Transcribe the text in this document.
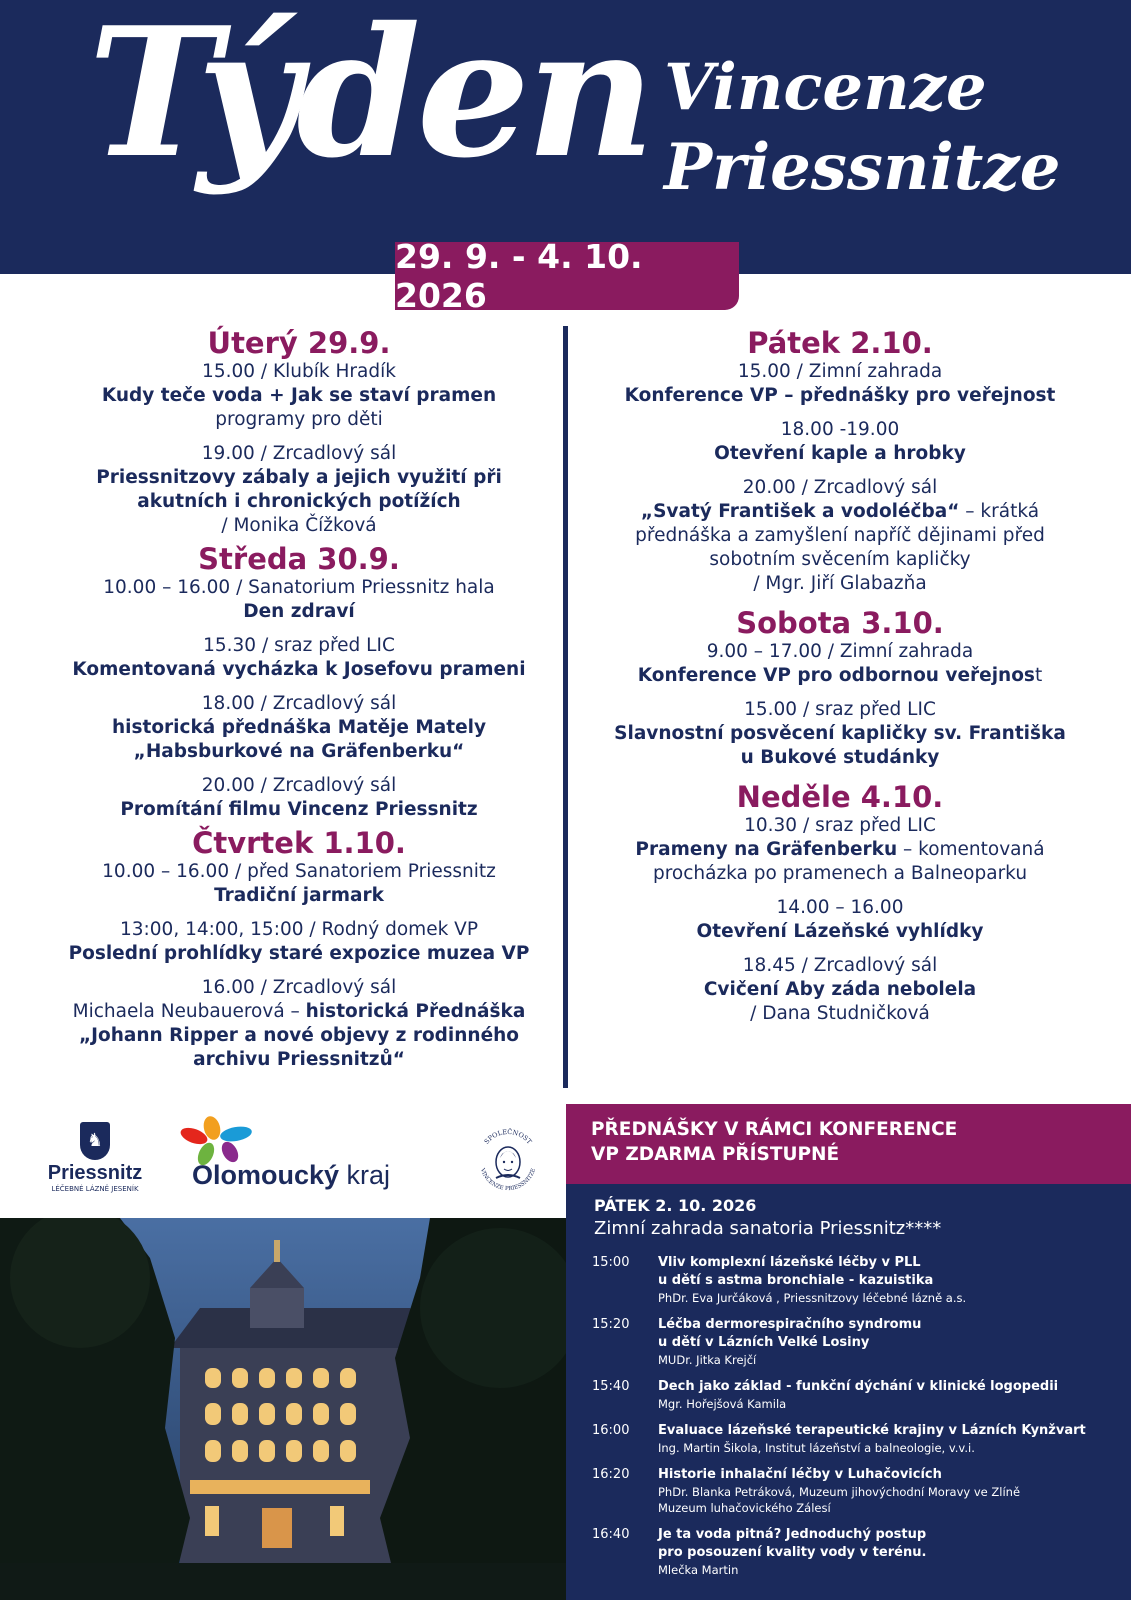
Týden Vincenze
Priessnitze
29. 9. - 4. 10. 2026
Úterý 29.9.
15.00 / Klubík Hradík
Kudy teče voda + Jak se staví pramen
programy pro děti
19.00 / Zrcadlový sál
Priessnitzovy zábaly a jejich využití při
akutních i chronických potížích
/ Monika Čížková
Středa 30.9.
10.00 – 16.00 / Sanatorium Priessnitz hala
Den zdraví
15.30 / sraz před LIC
Komentovaná vycházka k Josefovu prameni
18.00 / Zrcadlový sál
historická přednáška Matěje Mately
„Habsburkové na Gräfenberku“
20.00 / Zrcadlový sál
Promítání filmu Vincenz Priessnitz
Čtvrtek 1.10.
10.00 – 16.00 / před Sanatoriem Priessnitz
Tradiční jarmark
13:00, 14:00, 15:00 / Rodný domek VP
Poslední prohlídky staré expozice muzea VP
16.00 / Zrcadlový sál
Michaela Neubauerová – historická Přednáška
„Johann Ripper a nové objevy z rodinného
archivu Priessnitzů“
Pátek 2.10.
15.00 / Zimní zahrada
Konference VP – přednášky pro veřejnost
18.00 -19.00
Otevření kaple a hrobky
20.00 / Zrcadlový sál
„Svatý František a vodoléčba“ – krátká
přednáška a zamyšlení napříč dějinami před
sobotním svěcením kapličky
/ Mgr. Jiří Glabazňa
Sobota 3.10.
9.00 – 17.00 / Zimní zahrada
Konference VP pro odbornou veřejnost
15.00 / sraz před LIC
Slavnostní posvěcení kapličky sv. Františka
u Bukové studánky
Neděle 4.10.
10.30 / sraz před LIC
Prameny na Gräfenberku – komentovaná
procházka po pramenech a Balneoparku
14.00 – 16.00
Otevření Lázeňské vyhlídky
18.45 / Zrcadlový sál
Cvičení Aby záda nebolela
/ Dana Studničková
♞
Priessnitz
LÉČEBNÉ LÁZNĚ JESENÍK	Olomoucký kraj
SPOLEČNOST
VINCENZE PRIESSNITZE
PŘEDNÁŠKY V RÁMCI KONFERENCE
VP ZDARMA PŘÍSTUPNÉ
PÁTEK 2. 10. 2026
Zimní zahrada sanatoria Priessnitz****
15:00	Vliv komplexní lázeňské léčby v PLL
u dětí s astma bronchiale - kazuistika
PhDr. Eva Jurčáková , Priessnitzovy léčebné lázně a.s.
15:20	Léčba dermorespiračního syndromu
u dětí v Lázních Velké Losiny
MUDr. Jitka Krejčí
15:40	Dech jako základ - funkční dýchání v klinické logopedii
Mgr. Hořejšová Kamila
16:00	Evaluace lázeňské terapeutické krajiny v Lázních Kynžvart
Ing. Martin Šikola, Institut lázeňství a balneologie, v.v.i.
16:20	Historie inhalační léčby v Luhačovicích
PhDr. Blanka Petráková, Muzeum jihovýchodní Moravy ve Zlíně
Muzeum luhačovického Zálesí
16:40	Je ta voda pitná? Jednoduchý postup
pro posouzení kvality vody v terénu.
Mlečka Martin
